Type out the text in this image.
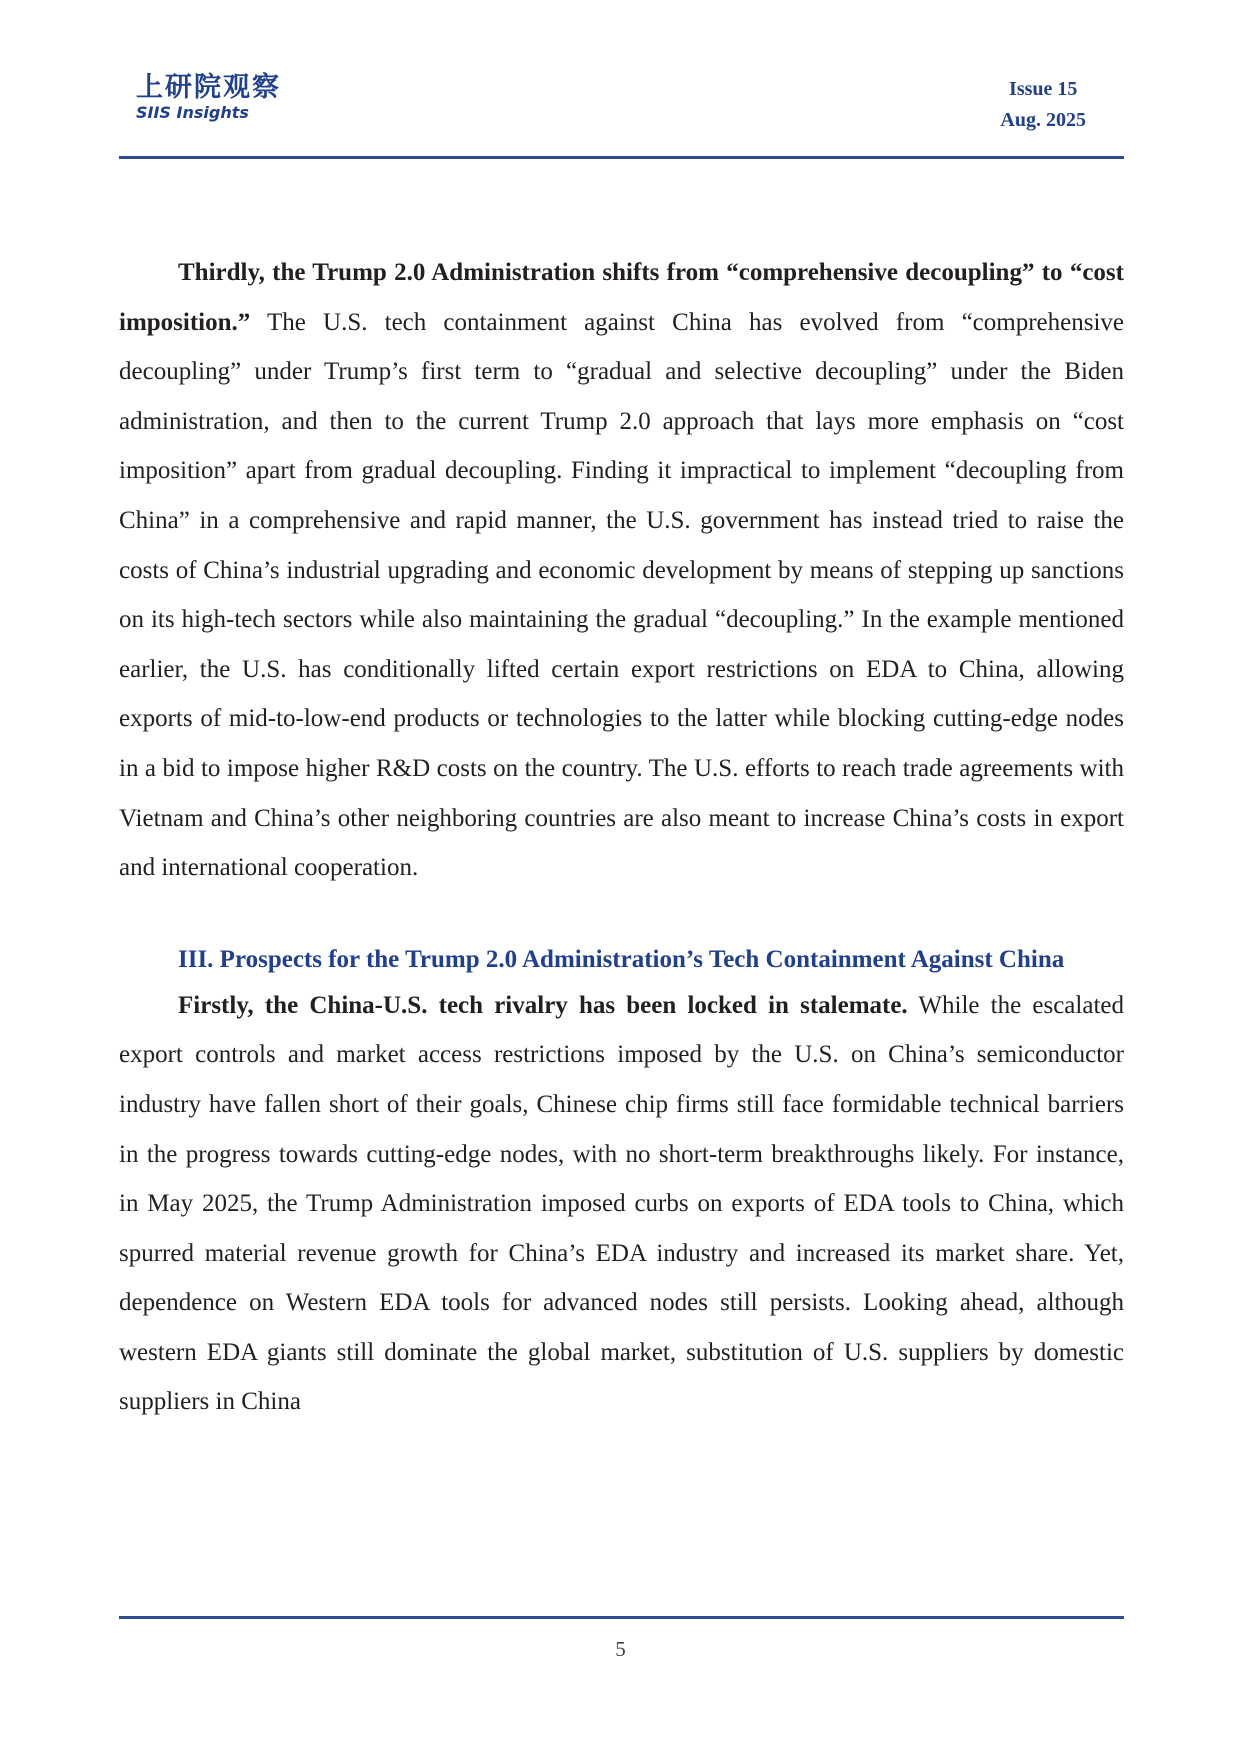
上研院观察
SIIS Insights
Issue 15
Aug. 2025

Thirdly, the Trump 2.0 Administration shifts from “comprehensive decoupling” to “cost imposition.” The U.S. tech containment against China has evolved from “comprehensive decoupling” under Trump’s first term to “gradual and selective decoupling” under the Biden administration, and then to the current Trump 2.0 approach that lays more emphasis on “cost imposition” apart from gradual decoupling. Finding it impractical to implement “decoupling from China” in a comprehensive and rapid manner, the U.S. government has instead tried to raise the costs of China’s industrial upgrading and economic development by means of stepping up sanctions on its high-tech sectors while also maintaining the gradual “decoupling.” In the example mentioned earlier, the U.S. has conditionally lifted certain export restrictions on EDA to China, allowing exports of mid-to-low-end products or technologies to the latter while blocking cutting-edge nodes in a bid to impose higher R&D costs on the country. The U.S. efforts to reach trade agreements with Vietnam and China’s other neighboring countries are also meant to increase China’s costs in export and international cooperation.

III. Prospects for the Trump 2.0 Administration’s Tech Containment Against China

Firstly, the China-U.S. tech rivalry has been locked in stalemate. While the escalated export controls and market access restrictions imposed by the U.S. on China’s semiconductor industry have fallen short of their goals, Chinese chip firms still face formidable technical barriers in the progress towards cutting-edge nodes, with no short-term breakthroughs likely. For instance, in May 2025, the Trump Administration imposed curbs on exports of EDA tools to China, which spurred material revenue growth for China’s EDA industry and increased its market share. Yet, dependence on Western EDA tools for advanced nodes still persists. Looking ahead, although western EDA giants still dominate the global market, substitution of U.S. suppliers by domestic suppliers in China

5
